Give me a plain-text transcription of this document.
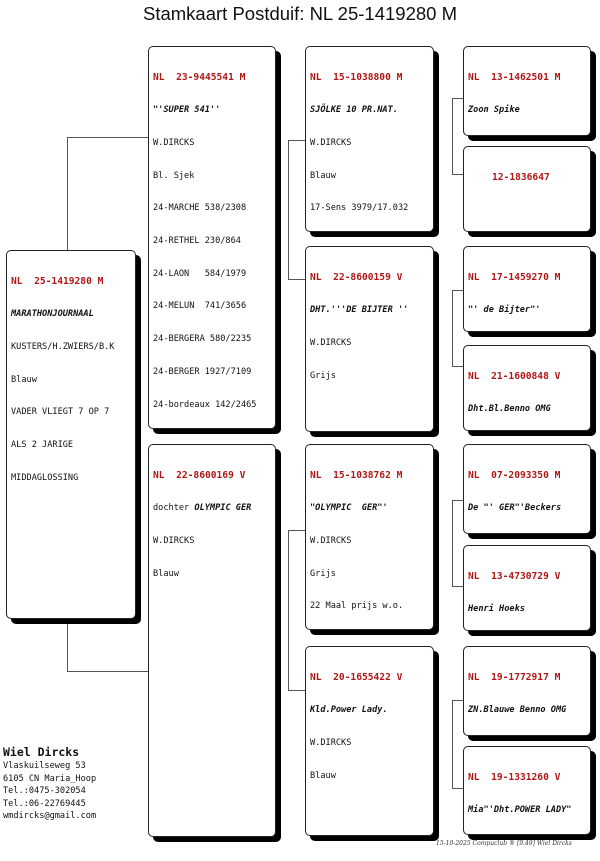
Stamkaart Postduif: NL 25-1419280 M

NL  25-1419280 M

MARATHONJOURNAAL

KUSTERS/H.ZWIERS/B.K

Blauw

VADER VLIEGT 7 OP 7

ALS 2 JARIGE

MIDDAGLOSSING

NL  23-9445541 M

"'SUPER 541''

W.DIRCKS

Bl. Sjek

24-MARCHE 538/2308

24-RETHEL 230/864

24-LAON   584/1979

24-MELUN  741/3656

24-BERGERA 580/2235

24-BERGER 1927/7109

24-bordeaux 142/2465

NL  22-8600169 V

dochter OLYMPIC GER

W.DIRCKS

Blauw

NL  15-1038800 M

SJÖLKE 10 PR.NAT.

W.DIRCKS

Blauw

17-Sens 3979/17.032

NL  22-8600159 V

DHT.'''DE BIJTER ''

W.DIRCKS

Grijs

NL  15-1038762 M

"OLYMPIC  GER"'

W.DIRCKS

Grijs

22 Maal prijs w.o.

NL  20-1655422 V

Kld.Power Lady.

W.DIRCKS

Blauw

NL  13-1462501 M

Zoon Spike

12-1836647

NL  17-1459270 M

"' de Bijter"'

NL  21-1600848 V

Dht.Bl.Benno OMG

NL  07-2093350 M

De "' GER"'Beckers

NL  13-4730729 V

Henri Hoeks

NL  19-1772917 M

ZN.Blauwe Benno OMG

NL  19-1331260 V

Mia"'Dht.POWER LADY"

Wiel Dircks
Vlaskuilseweg 53
6105 CN Maria_Hoop
Tel.:0475-302054
Tel.:06-22769445
wmdircks@gmail.com
15-10-2025 Compuclub ® [9.49] Wiel Dircks
